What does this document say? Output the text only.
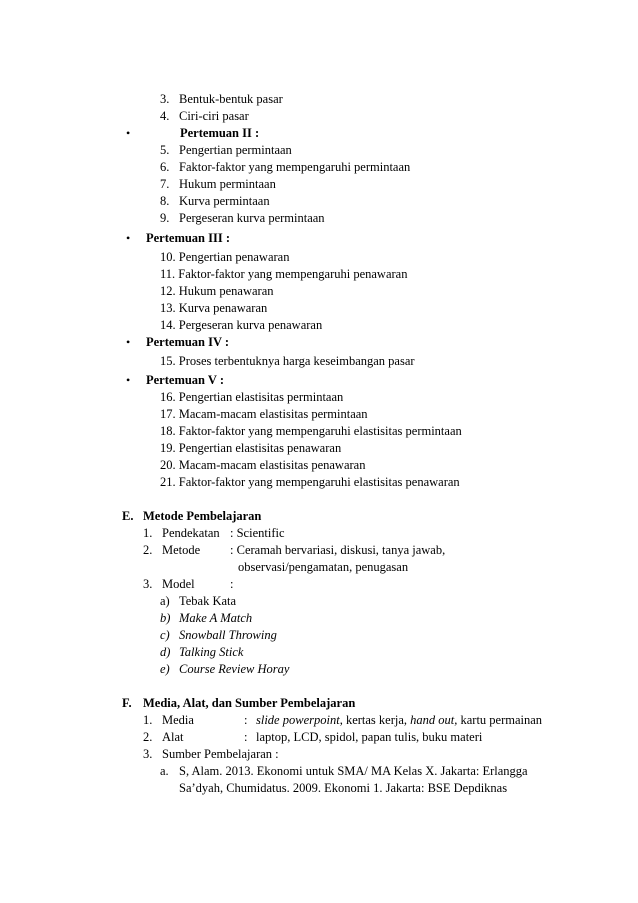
3. Bentuk-bentuk pasar
4. Ciri-ciri pasar
•	Pertemuan II :
5. Pengertian permintaan
6. Faktor-faktor yang mempengaruhi permintaan
7. Hukum permintaan
8. Kurva permintaan
9. Pergeseran kurva permintaan
• Pertemuan III :
10. Pengertian penawaran
11. Faktor-faktor yang mempengaruhi penawaran
12. Hukum penawaran
13. Kurva penawaran
14. Pergeseran kurva penawaran
• Pertemuan IV :
15. Proses terbentuknya harga keseimbangan pasar
• Pertemuan V :
16. Pengertian elastisitas permintaan
17. Macam-macam elastisitas permintaan
18. Faktor-faktor yang mempengaruhi elastisitas permintaan
19. Pengertian elastisitas penawaran
20. Macam-macam elastisitas penawaran
21. Faktor-faktor yang mempengaruhi elastisitas penawaran
E. Metode Pembelajaran
1. Pendekatan : Scientific
2. Metode : Ceramah bervariasi, diskusi, tanya jawab,
observasi/pengamatan, penugasan
3. Model	:
a) Tebak Kata
b) Make A Match
c) Snowball Throwing
d) Talking Stick
e) Course Review Horay
F. Media, Alat, dan Sumber Pembelajaran
1. Media	: slide powerpoint, kertas kerja, hand out, kartu permainan
2. Alat	: laptop, LCD, spidol, papan tulis, buku materi
3. Sumber Pembelajaran :
a. S, Alam. 2013. Ekonomi untuk SMA/ MA Kelas X. Jakarta: Erlangga
Sa’dyah, Chumidatus. 2009. Ekonomi 1. Jakarta: BSE Depdiknas
